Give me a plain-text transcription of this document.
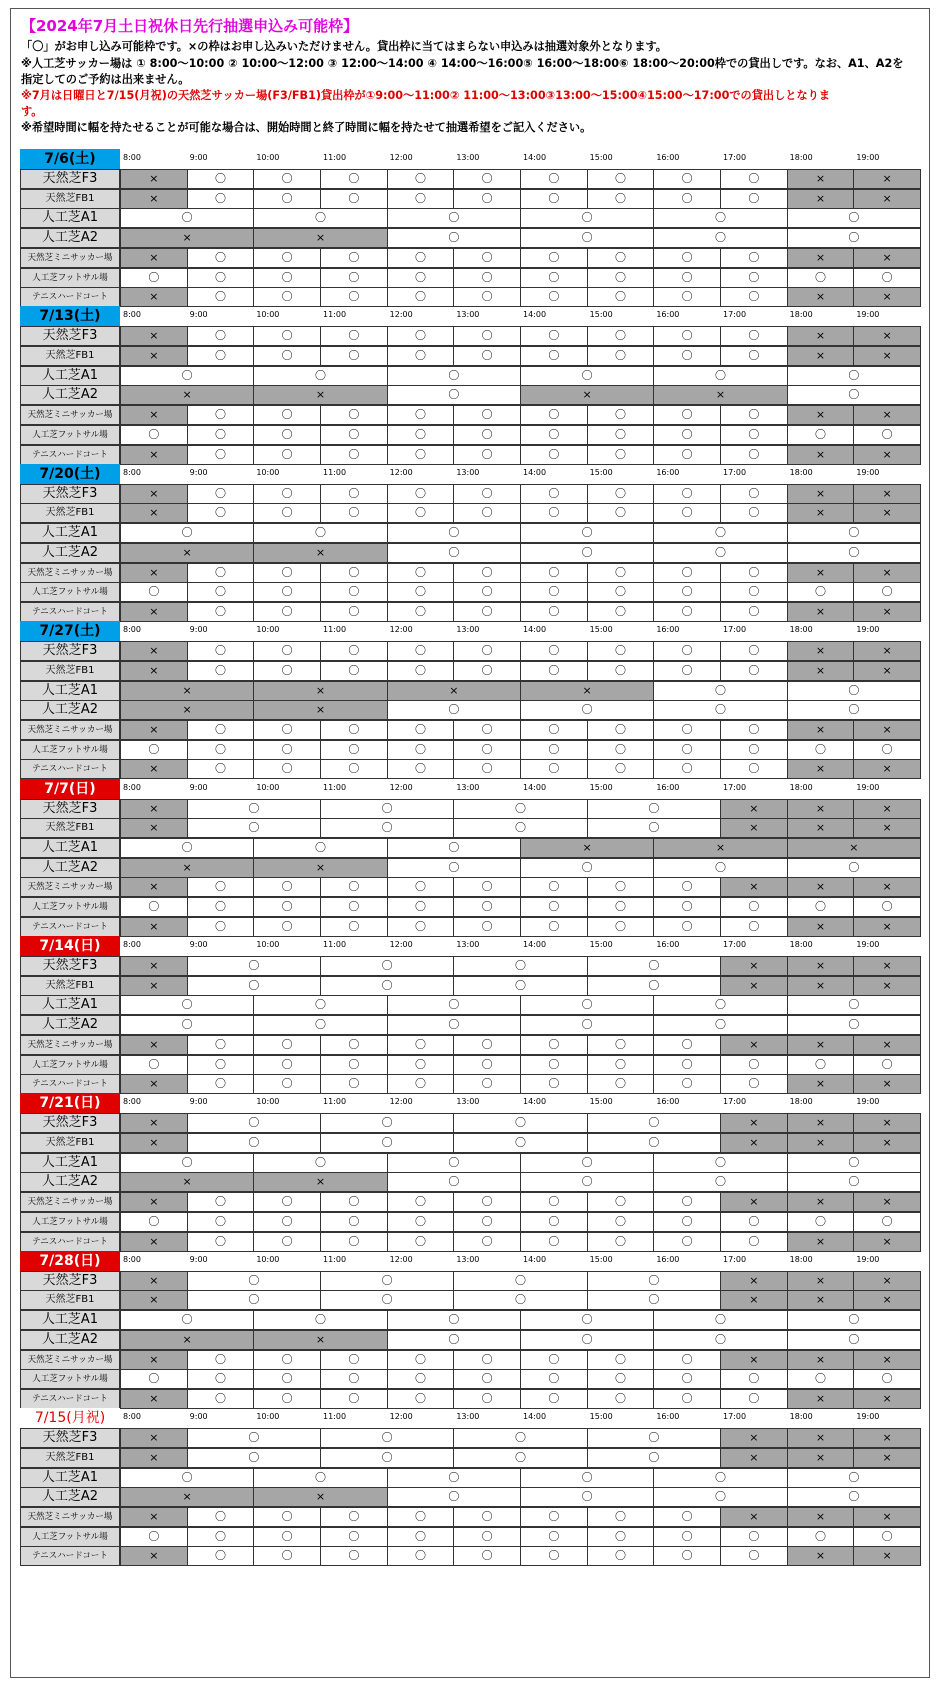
【2024年7月土日祝休日先行抽選申込み可能枠】
「〇」がお申し込み可能枠です。×の枠はお申し込みいただけません。貸出枠に当てはまらない申込みは抽選対象外となります。
※人工芝サッカー場は ① 8:00～10:00 ② 10:00～12:00 ③ 12:00～14:00 ④ 14:00～16:00⑤ 16:00～18:00⑥ 18:00～20:00枠での貸出しです。なお、A1、A2を
指定してのご予約は出来ません。
※7月は日曜日と7/15(月祝)の天然芝サッカー場(F3/FB1)貸出枠が①9:00～11:00② 11:00～13:00③13:00～15:00④15:00～17:00での貸出しとなりま
す。
※希望時間に幅を持たせることが可能な場合は、開始時間と終了時間に幅を持たせて抽選希望をご記入ください。
7/6(土)	8:00	9:00	10:00	11:00	12:00	13:00	14:00	15:00	16:00	17:00	18:00	19:00
天然芝F3	×	〇	〇	〇	〇	〇	〇	〇	〇	〇	×	×
天然芝FB1	×	〇	〇	〇	〇	〇	〇	〇	〇	〇	×	×
人工芝A1	〇	〇	〇	〇	〇	〇
人工芝A2	×	×	〇	〇	〇	〇
天然芝ミニサッカー場	×	〇	〇	〇	〇	〇	〇	〇	〇	〇	×	×
人工芝フットサル場	〇	〇	〇	〇	〇	〇	〇	〇	〇	〇	〇	〇
テニスハードコート	×	〇	〇	〇	〇	〇	〇	〇	〇	〇	×	×
7/13(土)	8:00	9:00	10:00	11:00	12:00	13:00	14:00	15:00	16:00	17:00	18:00	19:00
天然芝F3	×	〇	〇	〇	〇	〇	〇	〇	〇	〇	×	×
天然芝FB1	×	〇	〇	〇	〇	〇	〇	〇	〇	〇	×	×
人工芝A1	〇	〇	〇	〇	〇	〇
人工芝A2	×	×	〇	×	×	〇
天然芝ミニサッカー場	×	〇	〇	〇	〇	〇	〇	〇	〇	〇	×	×
人工芝フットサル場	〇	〇	〇	〇	〇	〇	〇	〇	〇	〇	〇	〇
テニスハードコート	×	〇	〇	〇	〇	〇	〇	〇	〇	〇	×	×
7/20(土)	8:00	9:00	10:00	11:00	12:00	13:00	14:00	15:00	16:00	17:00	18:00	19:00
天然芝F3	×	〇	〇	〇	〇	〇	〇	〇	〇	〇	×	×
天然芝FB1	×	〇	〇	〇	〇	〇	〇	〇	〇	〇	×	×
人工芝A1	〇	〇	〇	〇	〇	〇
人工芝A2	×	×	〇	〇	〇	〇
天然芝ミニサッカー場	×	〇	〇	〇	〇	〇	〇	〇	〇	〇	×	×
人工芝フットサル場	〇	〇	〇	〇	〇	〇	〇	〇	〇	〇	〇	〇
テニスハードコート	×	〇	〇	〇	〇	〇	〇	〇	〇	〇	×	×
7/27(土)	8:00	9:00	10:00	11:00	12:00	13:00	14:00	15:00	16:00	17:00	18:00	19:00
天然芝F3	×	〇	〇	〇	〇	〇	〇	〇	〇	〇	×	×
天然芝FB1	×	〇	〇	〇	〇	〇	〇	〇	〇	〇	×	×
人工芝A1	×	×	×	×	〇	〇
人工芝A2	×	×	〇	〇	〇	〇
天然芝ミニサッカー場	×	〇	〇	〇	〇	〇	〇	〇	〇	〇	×	×
人工芝フットサル場	〇	〇	〇	〇	〇	〇	〇	〇	〇	〇	〇	〇
テニスハードコート	×	〇	〇	〇	〇	〇	〇	〇	〇	〇	×	×
7/7(日)	8:00	9:00	10:00	11:00	12:00	13:00	14:00	15:00	16:00	17:00	18:00	19:00
天然芝F3	×	〇	〇	〇	〇	×	×	×
天然芝FB1	×	〇	〇	〇	〇	×	×	×
人工芝A1	〇	〇	〇	×	×	×
人工芝A2	×	×	〇	〇	〇	〇
天然芝ミニサッカー場	×	〇	〇	〇	〇	〇	〇	〇	〇	×	×	×
人工芝フットサル場	〇	〇	〇	〇	〇	〇	〇	〇	〇	〇	〇	〇
テニスハードコート	×	〇	〇	〇	〇	〇	〇	〇	〇	〇	×	×
7/14(日)	8:00	9:00	10:00	11:00	12:00	13:00	14:00	15:00	16:00	17:00	18:00	19:00
天然芝F3	×	〇	〇	〇	〇	×	×	×
天然芝FB1	×	〇	〇	〇	〇	×	×	×
人工芝A1	〇	〇	〇	〇	〇	〇
人工芝A2	〇	〇	〇	〇	〇	〇
天然芝ミニサッカー場	×	〇	〇	〇	〇	〇	〇	〇	〇	×	×	×
人工芝フットサル場	〇	〇	〇	〇	〇	〇	〇	〇	〇	〇	〇	〇
テニスハードコート	×	〇	〇	〇	〇	〇	〇	〇	〇	〇	×	×
7/21(日)	8:00	9:00	10:00	11:00	12:00	13:00	14:00	15:00	16:00	17:00	18:00	19:00
天然芝F3	×	〇	〇	〇	〇	×	×	×
天然芝FB1	×	〇	〇	〇	〇	×	×	×
人工芝A1	〇	〇	〇	〇	〇	〇
人工芝A2	×	×	〇	〇	〇	〇
天然芝ミニサッカー場	×	〇	〇	〇	〇	〇	〇	〇	〇	×	×	×
人工芝フットサル場	〇	〇	〇	〇	〇	〇	〇	〇	〇	〇	〇	〇
テニスハードコート	×	〇	〇	〇	〇	〇	〇	〇	〇	〇	×	×
7/28(日)	8:00	9:00	10:00	11:00	12:00	13:00	14:00	15:00	16:00	17:00	18:00	19:00
天然芝F3	×	〇	〇	〇	〇	×	×	×
天然芝FB1	×	〇	〇	〇	〇	×	×	×
人工芝A1	〇	〇	〇	〇	〇	〇
人工芝A2	×	×	〇	〇	〇	〇
天然芝ミニサッカー場	×	〇	〇	〇	〇	〇	〇	〇	〇	×	×	×
人工芝フットサル場	〇	〇	〇	〇	〇	〇	〇	〇	〇	〇	〇	〇
テニスハードコート	×	〇	〇	〇	〇	〇	〇	〇	〇	〇	×	×
7/15(月祝)	8:00	9:00	10:00	11:00	12:00	13:00	14:00	15:00	16:00	17:00	18:00	19:00
天然芝F3	×	〇	〇	〇	〇	×	×	×
天然芝FB1	×	〇	〇	〇	〇	×	×	×
人工芝A1	〇	〇	〇	〇	〇	〇
人工芝A2	×	×	〇	〇	〇	〇
天然芝ミニサッカー場	×	〇	〇	〇	〇	〇	〇	〇	〇	×	×	×
人工芝フットサル場	〇	〇	〇	〇	〇	〇	〇	〇	〇	〇	〇	〇
テニスハードコート	×	〇	〇	〇	〇	〇	〇	〇	〇	〇	×	×
